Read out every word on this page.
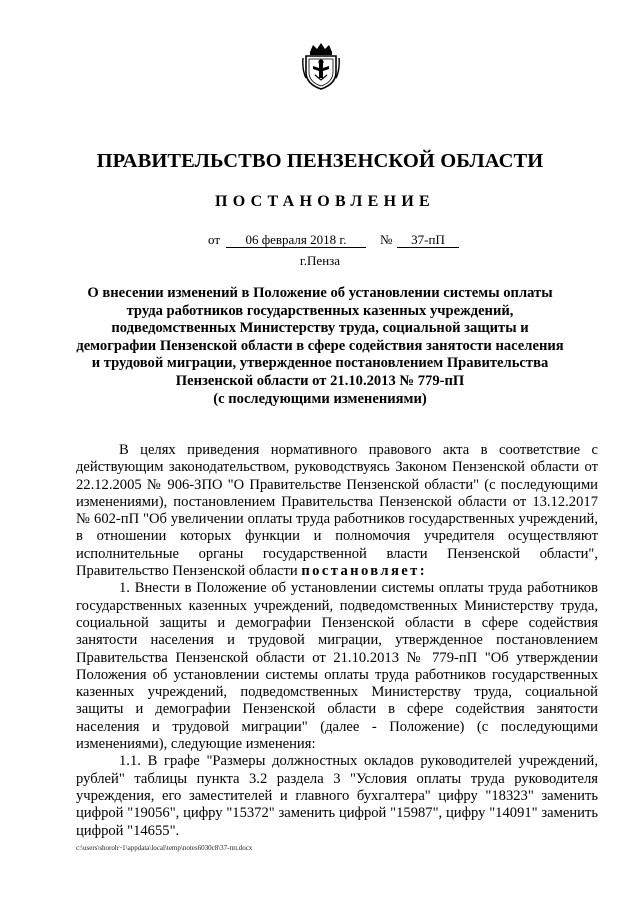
ПРАВИТЕЛЬСТВО ПЕНЗЕНСКОЙ ОБЛАСТИ
ПОСТАНОВЛЕНИЕ
от	06 февраля 2018 г.	№	37-пП
г.Пенза
О внесении изменений в Положение об установлении системы оплаты
труда работников государственных казенных учреждений,
подведомственных Министерству труда, социальной защиты и
демографии Пензенской области в сфере содействия занятости населения
и трудовой миграции, утвержденное постановлением Правительства
Пензенской области от 21.10.2013 № 779-пП
(с последующими изменениями)

В целях приведения нормативного правового акта в соответствие с действующим законодательством, руководствуясь Законом Пензенской области от 22.12.2005 № 906-ЗПО "О Правительстве Пензенской области" (с последующими изменениями), постановлением Правительства Пензенской области от 13.12.2017 № 602-пП "Об увеличении оплаты труда работников государственных учреждений, в отношении которых функции и полномочия учредителя осуществляют исполнительные органы государственной власти Пензенской области", Правительство Пензенской области постановляет:

1. Внести в Положение об установлении системы оплаты труда работников государственных казенных учреждений, подведомственных Министерству труда, социальной защиты и демографии Пензенской области в сфере содействия занятости населения и трудовой миграции, утвержденное постановлением Правительства Пензенской области от 21.10.2013 № 779-пП "Об утверждении Положения об установлении системы оплаты труда работников государственных казенных учреждений, подведомственных Министерству труда, социальной защиты и демографии Пензенской области в сфере содействия занятости населения и трудовой миграции" (далее - Положение) (с последующими изменениями), следующие изменения:

1.1. В графе "Размеры должностных окладов руководителей учреждений, рублей" таблицы пункта 3.2 раздела 3 "Условия оплаты труда руководителя учреждения, его заместителей и главного бухгалтера" цифру "18323" заменить цифрой "19056", цифру "15372" заменить цифрой "15987", цифру "14091" заменить цифрой "14655".

c:\users\shoroh~1\appdata\local\temp\notes6030c8\37-пп.docx
